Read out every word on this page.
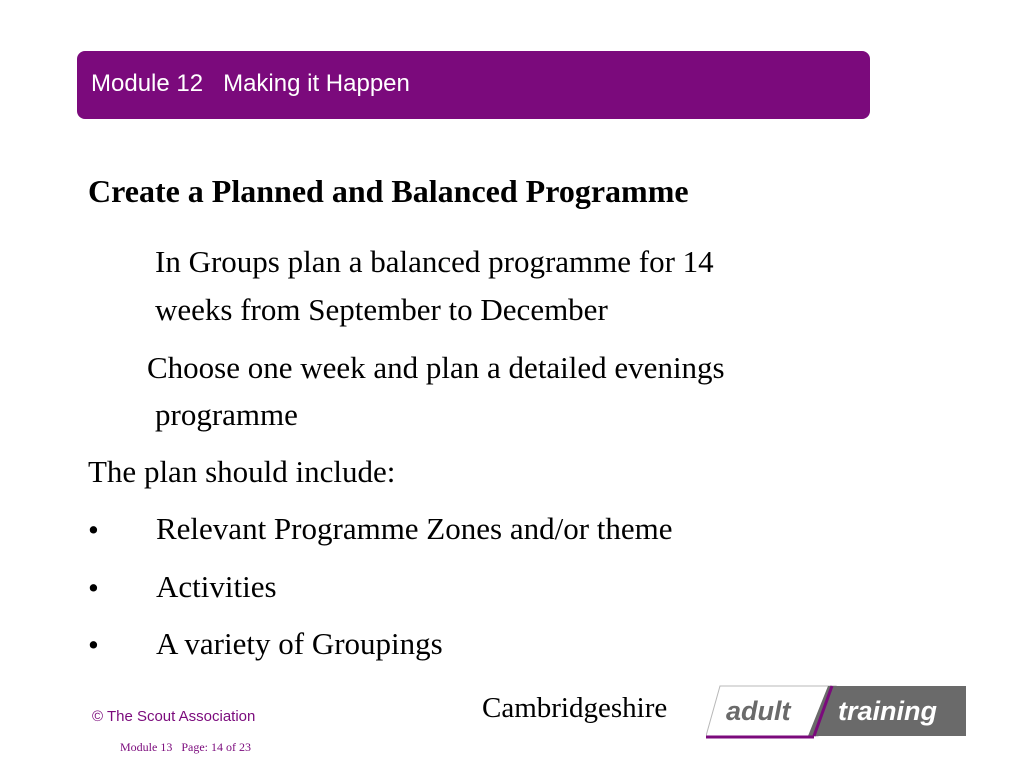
Module 12   Making it Happen
Create a Planned and Balanced Programme
In Groups plan a balanced programme for 14
weeks from September to December
Choose one week and plan a detailed evenings
programme
The plan should include:
• Relevant Programme Zones and/or theme
• Activities
• A variety of Groupings
© The Scout Association
Module 13   Page: 14 of 23
Cambridgeshire adult training
